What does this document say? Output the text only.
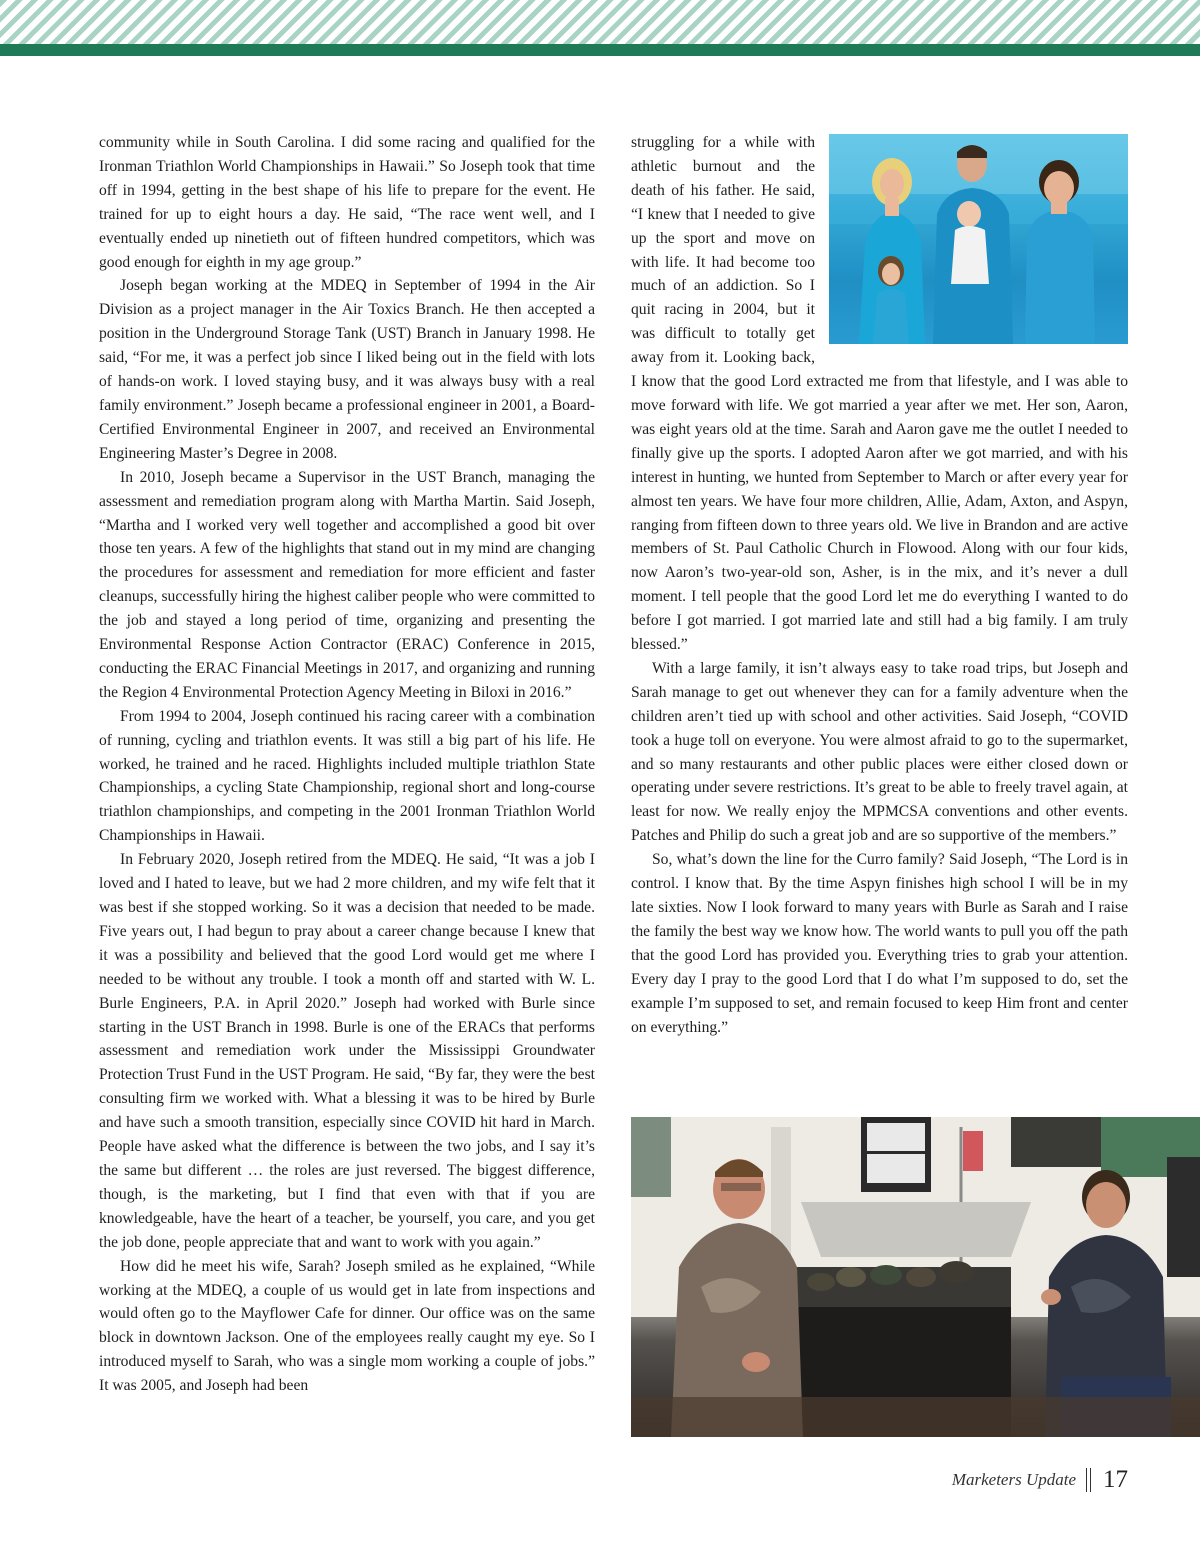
community while in South Carolina. I did some racing and qualified for the Ironman Triathlon World Championships in Hawaii.” So Joseph took that time off in 1994, getting in the best shape of his life to prepare for the event. He trained for up to eight hours a day. He said, “The race went well, and I eventually ended up ninetieth out of fifteen hundred competitors, which was good enough for eighth in my age group.”

Joseph began working at the MDEQ in September of 1994 in the Air Division as a project manager in the Air Toxics Branch. He then accepted a position in the Underground Storage Tank (UST) Branch in January 1998. He said, “For me, it was a perfect job since I liked being out in the field with lots of hands-on work. I loved staying busy, and it was always busy with a real family environment.” Joseph became a professional engineer in 2001, a Board-Certified Environmental Engineer in 2007, and received an Environmental Engineering Master’s Degree in 2008.

In 2010, Joseph became a Supervisor in the UST Branch, managing the assessment and remediation program along with Martha Martin. Said Joseph, “Martha and I worked very well together and accomplished a good bit over those ten years. A few of the highlights that stand out in my mind are changing the procedures for assessment and remediation for more efficient and faster cleanups, successfully hiring the highest caliber people who were committed to the job and stayed a long period of time, organizing and presenting the Environmental Response Action Contractor (ERAC) Conference in 2015, conducting the ERAC Financial Meetings in 2017, and organizing and running the Region 4 Environmental Protection Agency Meeting in Biloxi in 2016.”

From 1994 to 2004, Joseph continued his racing career with a combination of running, cycling and triathlon events. It was still a big part of his life. He worked, he trained and he raced. Highlights included multiple triathlon State Championships, a cycling State Championship, regional short and long-course triathlon championships, and competing in the 2001 Ironman Triathlon World Championships in Hawaii.

In February 2020, Joseph retired from the MDEQ. He said, “It was a job I loved and I hated to leave, but we had 2 more children, and my wife felt that it was best if she stopped working. So it was a decision that needed to be made. Five years out, I had begun to pray about a career change because I knew that it was a possibility and believed that the good Lord would get me where I needed to be without any trouble. I took a month off and started with W. L. Burle Engineers, P.A. in April 2020.” Joseph had worked with Burle since starting in the UST Branch in 1998. Burle is one of the ERACs that performs assessment and remediation work under the Mississippi Groundwater Protection Trust Fund in the UST Program. He said, “By far, they were the best consulting firm we worked with. What a blessing it was to be hired by Burle and have such a smooth transition, especially since COVID hit hard in March. People have asked what the difference is between the two jobs, and I say it’s the same but different … the roles are just reversed. The biggest difference, though, is the marketing, but I find that even with that if you are knowledgeable, have the heart of a teacher, be yourself, you care, and you get the job done, people appreciate that and want to work with you again.”

How did he meet his wife, Sarah? Joseph smiled as he explained, “While working at the MDEQ, a couple of us would get in late from inspections and would often go to the Mayflower Cafe for dinner. Our office was on the same block in downtown Jackson. One of the employees really caught my eye. So I introduced myself to Sarah, who was a single mom working a couple of jobs.” It was 2005, and Joseph had been

struggling for a while with athletic burnout and the death of his father. He said, “I knew that I needed to give up the sport and move on with life. It had become too much of an addiction. So I quit racing in 2004, but it was difficult to totally get away from it. Looking back, I know that the good Lord extracted me from that lifestyle, and I was able to move forward with life. We got married a year after we met. Her son, Aaron, was eight years old at the time. Sarah and Aaron gave me the outlet I needed to finally give up the sports. I adopted Aaron after we got married, and with his interest in hunting, we hunted from September to March or after every year for almost ten years. We have four more children, Allie, Adam, Axton, and Aspyn, ranging from fifteen down to three years old. We live in Brandon and are active members of St. Paul Catholic Church in Flowood. Along with our four kids, now Aaron’s two-year-old son, Asher, is in the mix, and it’s never a dull moment. I tell people that the good Lord let me do everything I wanted to do before I got married. I got married late and still had a big family. I am truly blessed.”

With a large family, it isn’t always easy to take road trips, but Joseph and Sarah manage to get out whenever they can for a family adventure when the children aren’t tied up with school and other activities. Said Joseph, “COVID took a huge toll on everyone. You were almost afraid to go to the supermarket, and so many restaurants and other public places were either closed down or operating under severe restrictions. It’s great to be able to freely travel again, at least for now. We really enjoy the MPMCSA conventions and other events. Patches and Philip do such a great job and are so supportive of the members.”

So, what’s down the line for the Curro family? Said Joseph, “The Lord is in control. I know that. By the time Aspyn finishes high school I will be in my late sixties. Now I look forward to many years with Burle as Sarah and I raise the family the best way we know how. The world wants to pull you off the path that the good Lord has provided you. Everything tries to grab your attention. Every day I pray to the good Lord that I do what I’m supposed to do, set the example I’m supposed to set, and remain focused to keep Him front and center on everything.”

Marketers Update 17
